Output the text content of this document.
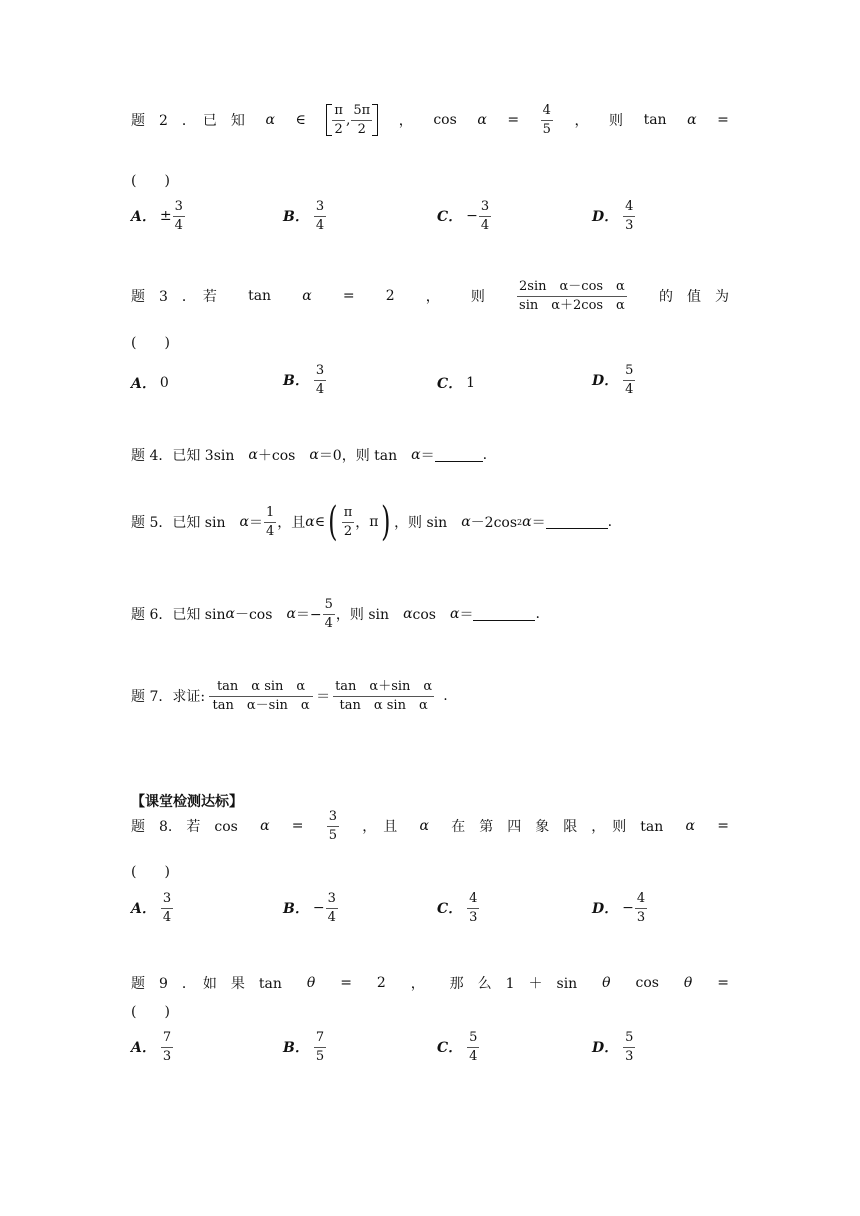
题　2　．　已　知 α ∈ $\frac{\pi}{2}$ , $\frac{5\pi}{2}$ ， $\cos \alpha = \frac{4}{5}$ ， 则 tan α =
(　　)
A． ± $\frac{3}{4}$	B． $\frac{3}{4}$	C． − $\frac{3}{4}$	D． $\frac{4}{3}$
题　3　．　若 tan α = 2 ， 则 $\frac{\text{2sin　α－cos　α}}{\text{sin　α＋2cos　α}}$ 的　值　为
(　　)
A． 0	B． $\frac{3}{4}$	C． 1	D． $\frac{5}{4}$
题 4．已知 3sin　 α ＋cos　 α ＝0，则 tan　 α ＝	.
题 5．已知 sin　 $\alpha = \frac{1}{4}$ ，且 α ∈ ( $\frac{\pi}{2}$ ， π ) ，则 sin　 α －2cos 2 α ＝	.
题 6．已知 sin α －cos　 $\alpha =- \frac{5}{4}$ ，则 sin　 α cos　 α ＝	.
题 7．求证: $\frac{\text{tan　α sin　α}}{\text{tan　α－sin　α}} = \frac{\text{tan　α＋sin　α}}{\text{tan　α sin　α}}$ .
【课堂检测达标】
题　8.　若　$\cos \alpha = \frac{3}{5}$ ，　且 α 在　第　四　象　限　，　则　tan α =
(　　)
A． $\frac{3}{4}$	B． − $\frac{3}{4}$	C． $\frac{4}{3}$	D． − $\frac{4}{3}$
题　9　．　如　果　tan θ = 2 ， 那　么　1　＋　sin θ cos θ =
(　　)
A． $\frac{7}{3}$	B． $\frac{7}{5}$	C． $\frac{5}{4}$	D． $\frac{5}{3}$
